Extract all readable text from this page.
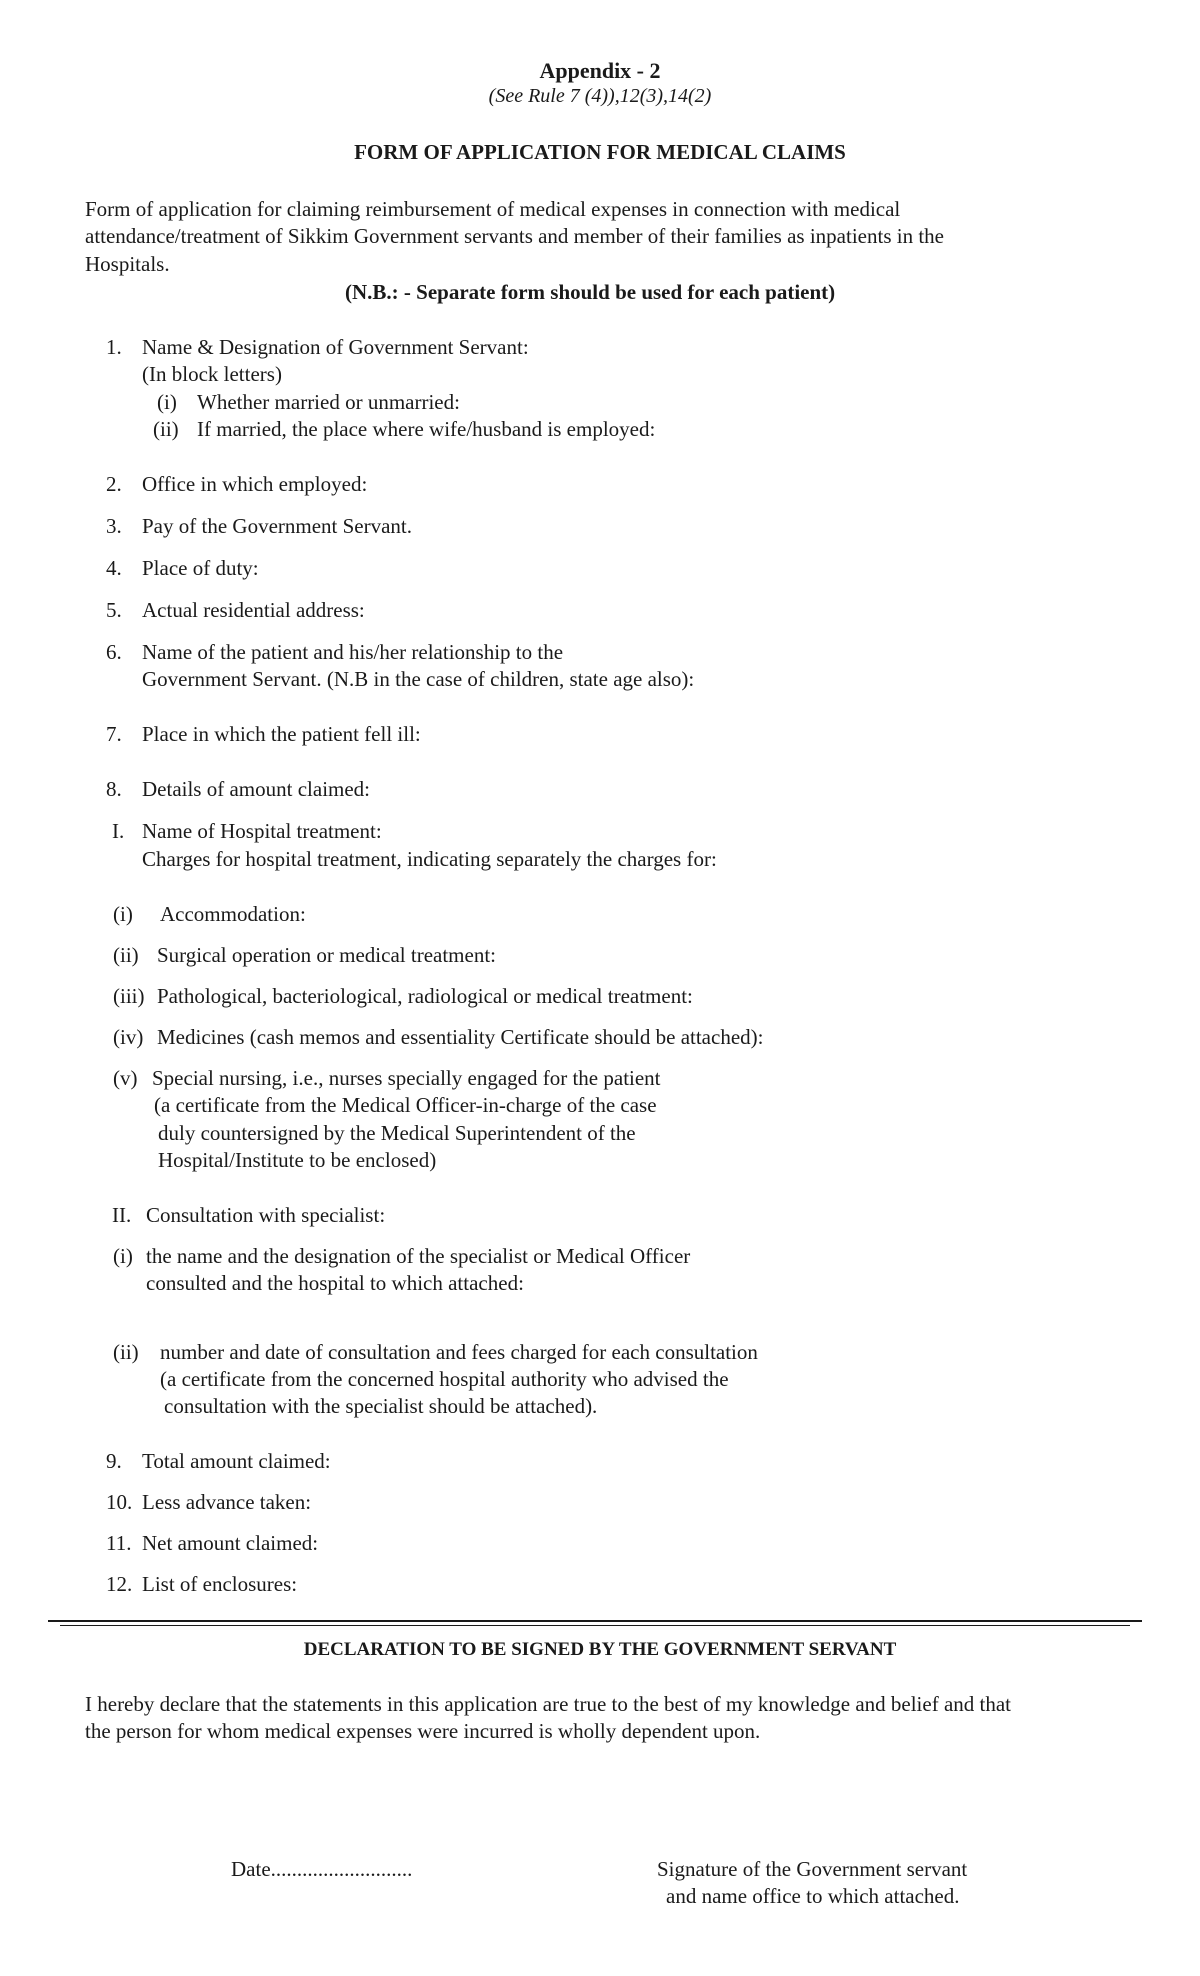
Appendix - 2
(See Rule 7 (4)),12(3),14(2)
FORM OF APPLICATION FOR MEDICAL CLAIMS
Form of application for claiming reimbursement of medical expenses in connection with medical
attendance/treatment of Sikkim Government servants and member of their families as inpatients in the
Hospitals.
(N.B.: - Separate form should be used for each patient)
1. Name & Designation of Government Servant:
(In block letters)
(i) Whether married or unmarried:
(ii) If married, the place where wife/husband is employed:
2. Office in which employed:
3. Pay of the Government Servant.
4. Place of duty:
5. Actual residential address:
6. Name of the patient and his/her relationship to the
Government Servant. (N.B in the case of children, state age also):
7. Place in which the patient fell ill:
8. Details of amount claimed:
I. Name of Hospital treatment:
Charges for hospital treatment, indicating separately the charges for:
(i) Accommodation:
(ii) Surgical operation or medical treatment:
(iii) Pathological, bacteriological, radiological or medical treatment:
(iv) Medicines (cash memos and essentiality Certificate should be attached):
(v) Special nursing, i.e., nurses specially engaged for the patient
(a certificate from the Medical Officer-in-charge of the case
duly countersigned by the Medical Superintendent of the
Hospital/Institute to be enclosed)
II. Consultation with specialist:
(i) the name and the designation of the specialist or Medical Officer
consulted and the hospital to which attached:
(ii) number and date of consultation and fees charged for each consultation
(a certificate from the concerned hospital authority who advised the
consultation with the specialist should be attached).
9. Total amount claimed:
10. Less advance taken:
11. Net amount claimed:
12. List of enclosures:
DECLARATION TO BE SIGNED BY THE GOVERNMENT SERVANT
I hereby declare that the statements in this application are true to the best of my knowledge and belief and that
the person for whom medical expenses were incurred is wholly dependent upon.
Date...........................	Signature of the Government servant
and name office to which attached.
